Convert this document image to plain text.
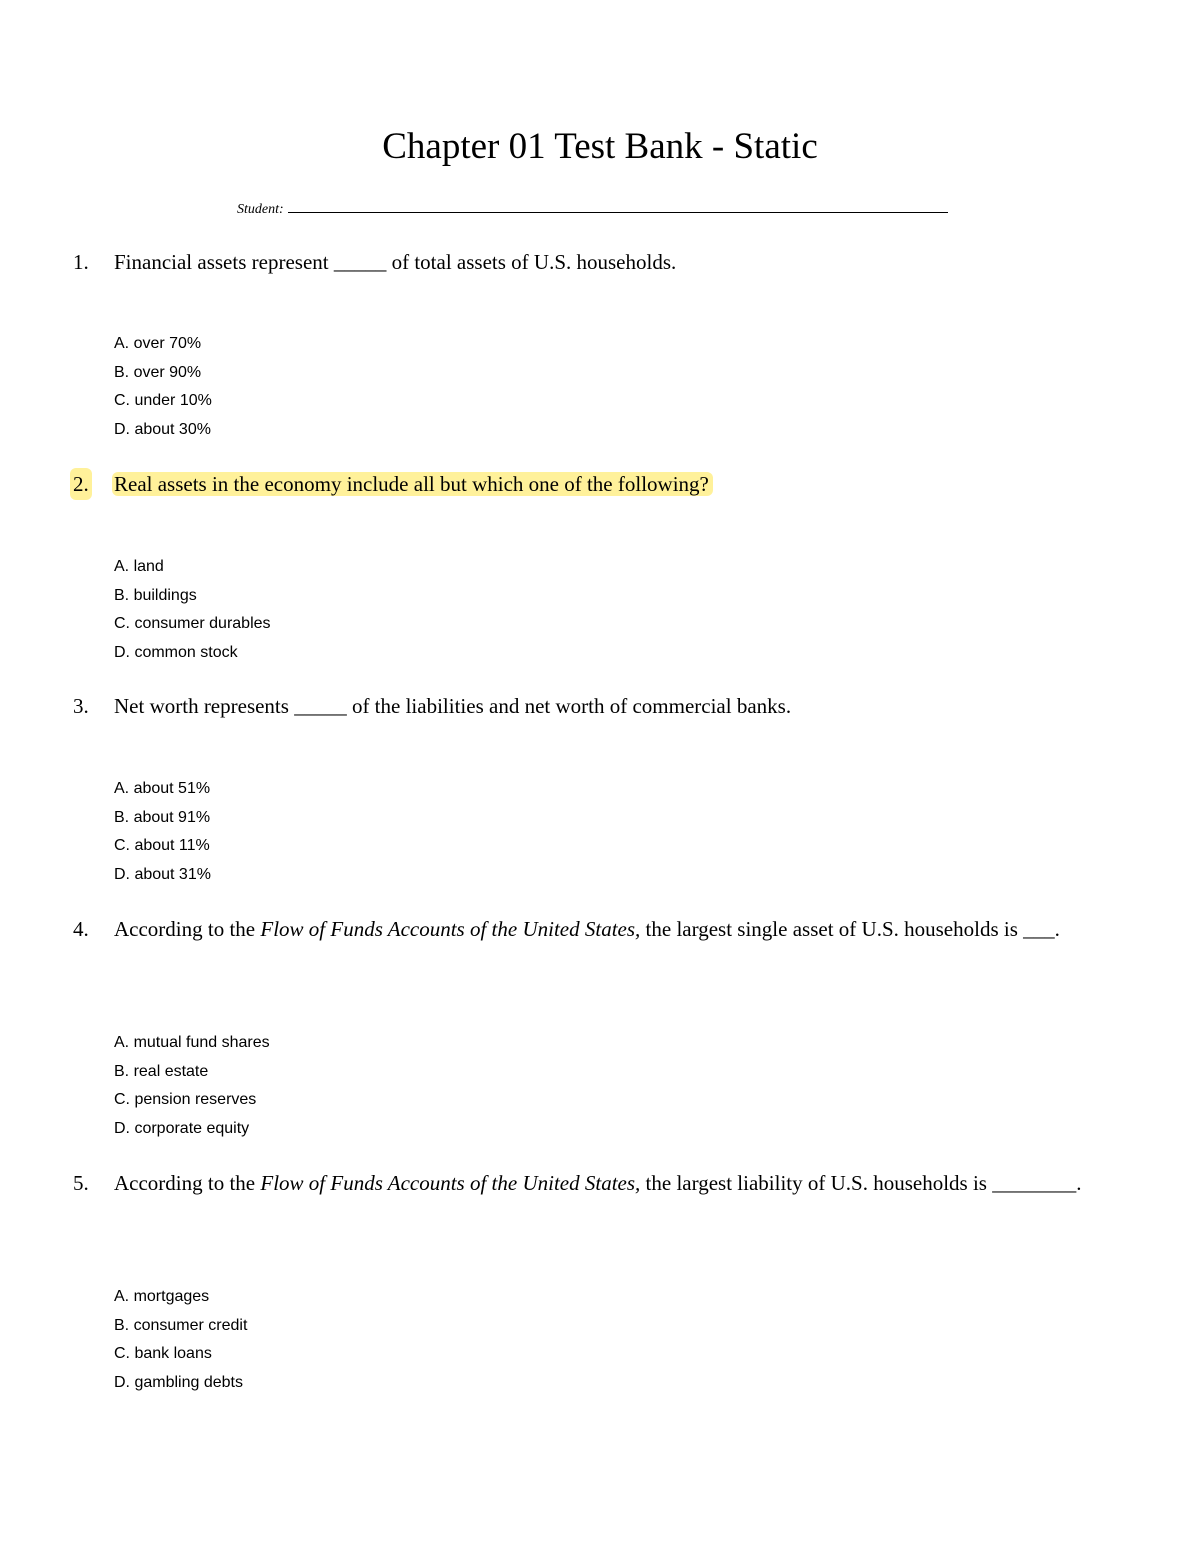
Chapter 01 Test Bank - Static
Student:
1. Financial assets represent _____ of total assets of U.S. households.
A. over 70%
B. over 90%
C. under 10%
D. about 30%
2. Real assets in the economy include all but which one of the following?
A. land
B. buildings
C. consumer durables
D. common stock
3. Net worth represents _____ of the liabilities and net worth of commercial banks.
A. about 51%
B. about 91%
C. about 11%
D. about 31%
4. According to the Flow of Funds Accounts of the United States, the largest single asset of U.S. households is ___.
A. mutual fund shares
B. real estate
C. pension reserves
D. corporate equity
5. According to the Flow of Funds Accounts of the United States, the largest liability of U.S. households is ________.
A. mortgages
B. consumer credit
C. bank loans
D. gambling debts
